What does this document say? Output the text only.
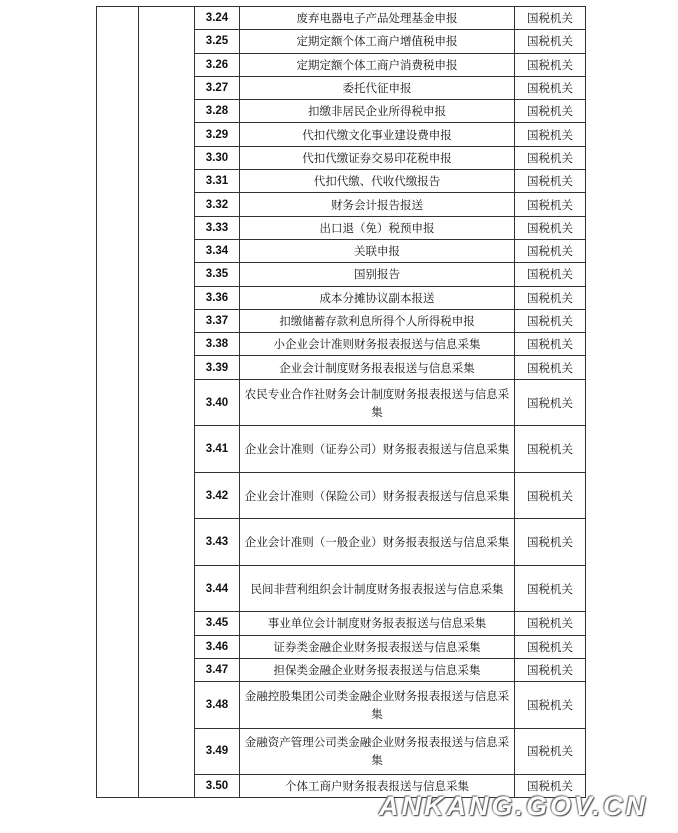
		3.24	废弃电器电子产品处理基金申报	国税机关
		3.25	定期定额个体工商户增值税申报	国税机关
		3.26	定期定额个体工商户消费税申报	国税机关
		3.27	委托代征申报	国税机关
		3.28	扣缴非居民企业所得税申报	国税机关
		3.29	代扣代缴文化事业建设费申报	国税机关
		3.30	代扣代缴证券交易印花税申报	国税机关
		3.31	代扣代缴、代收代缴报告	国税机关
		3.32	财务会计报告报送	国税机关
		3.33	出口退（免）税预申报	国税机关
		3.34	关联申报	国税机关
		3.35	国别报告	国税机关
		3.36	成本分摊协议副本报送	国税机关
		3.37	扣缴储蓄存款利息所得个人所得税申报	国税机关
		3.38	小企业会计准则财务报表报送与信息采集	国税机关
		3.39	企业会计制度财务报表报送与信息采集	国税机关
		3.40	农民专业合作社财务会计制度财务报表报送与信息采集	国税机关
		3.41	企业会计准则（证券公司）财务报表报送与信息采集	国税机关
		3.42	企业会计准则（保险公司）财务报表报送与信息采集	国税机关
		3.43	企业会计准则（一般企业）财务报表报送与信息采集	国税机关
		3.44	民间非营利组织会计制度财务报表报送与信息采集	国税机关
		3.45	事业单位会计制度财务报表报送与信息采集	国税机关
		3.46	证券类金融企业财务报表报送与信息采集	国税机关
		3.47	担保类金融企业财务报表报送与信息采集	国税机关
		3.48	金融控股集团公司类金融企业财务报表报送与信息采集	国税机关
		3.49	金融资产管理公司类金融企业财务报表报送与信息采集	国税机关
		3.50	个体工商户财务报表报送与信息采集	国税机关
ANKANG.GOV.CN
